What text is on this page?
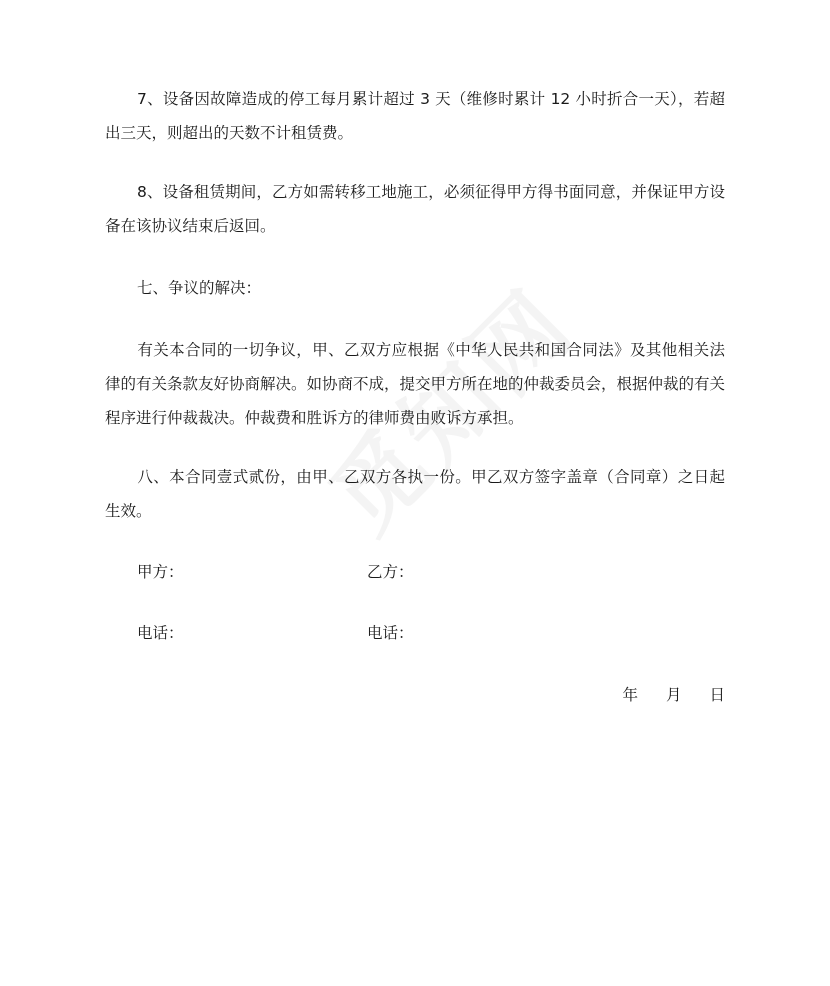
7、设备因故障造成的停工每月累计超过 3 天（维修时累计 12 小时折合一天），若超出三天，则超出的天数不计租赁费。

8、设备租赁期间，乙方如需转移工地施工，必须征得甲方得书面同意，并保证甲方设备在该协议结束后返回。

七、争议的解决：

有关本合同的一切争议，甲、乙双方应根据《中华人民共和国合同法》及其他相关法律的有关条款友好协商解决。如协商不成，提交甲方所在地的仲裁委员会，根据仲裁的有关程序进行仲裁裁决。仲裁费和胜诉方的律师费由败诉方承担。

八、本合同壹式贰份，由甲、乙双方各执一份。甲乙双方签字盖章（合同章）之日起生效。

甲方：	乙方：

电话：	电话：

年 月 日
